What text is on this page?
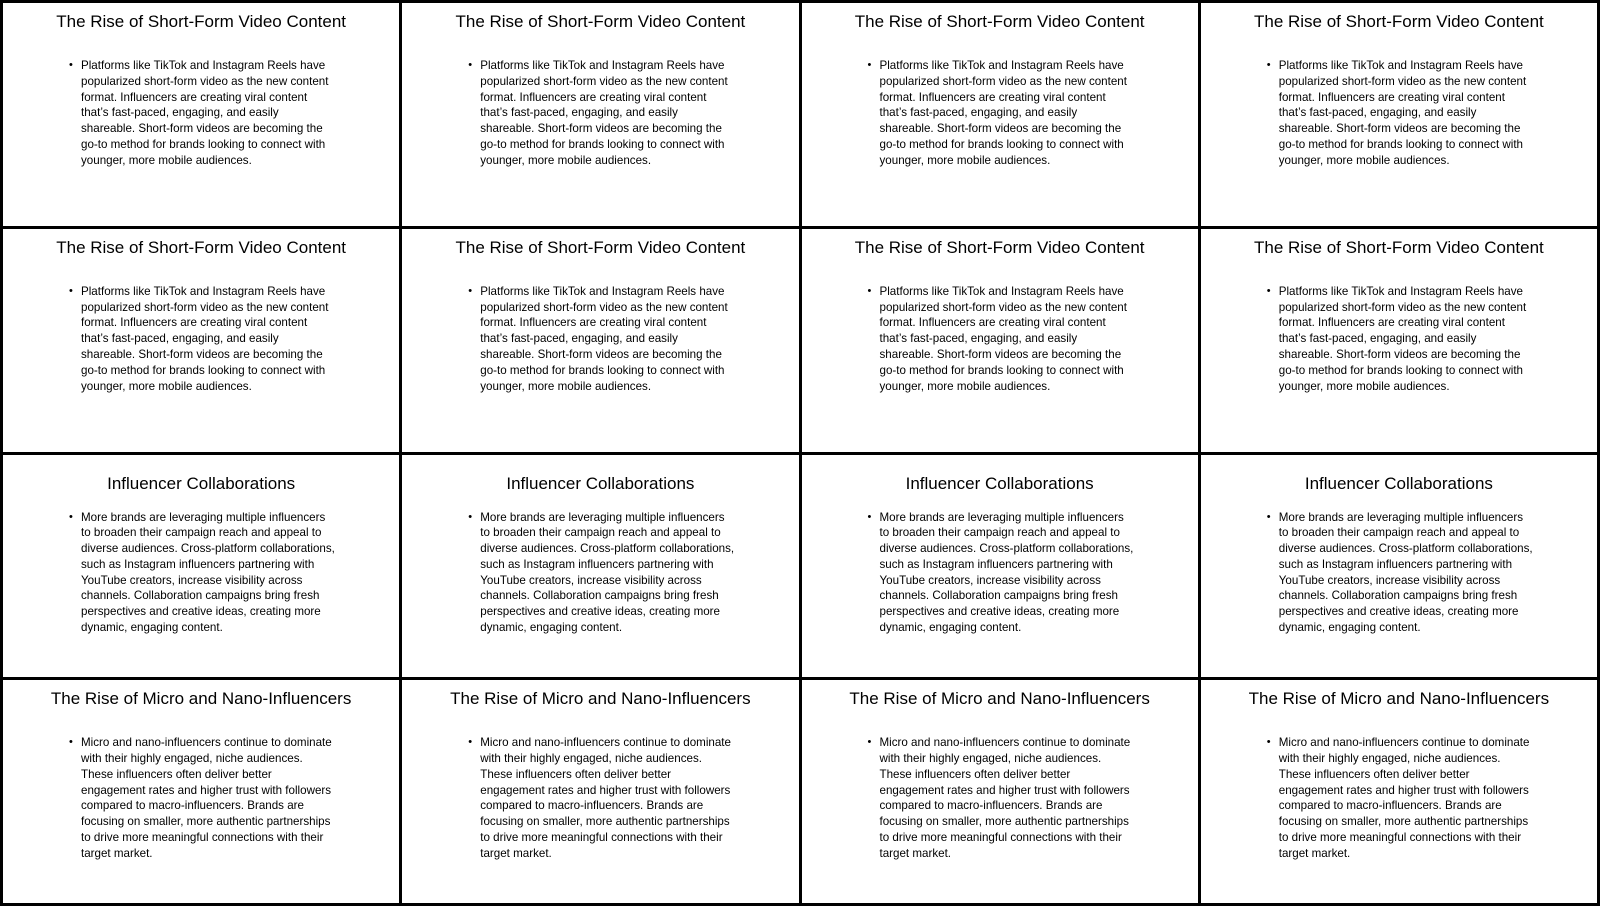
The Rise of Short-Form Video Content
• Platforms like TikTok and Instagram Reels have popularized short-form video as the new content format. Influencers are creating viral content that’s fast-paced, engaging, and easily shareable. Short-form videos are becoming the go-to method for brands looking to connect with younger, more mobile audiences.
The Rise of Short-Form Video Content
• Platforms like TikTok and Instagram Reels have popularized short-form video as the new content format. Influencers are creating viral content that’s fast-paced, engaging, and easily shareable. Short-form videos are becoming the go-to method for brands looking to connect with younger, more mobile audiences.
The Rise of Short-Form Video Content
• Platforms like TikTok and Instagram Reels have popularized short-form video as the new content format. Influencers are creating viral content that’s fast-paced, engaging, and easily shareable. Short-form videos are becoming the go-to method for brands looking to connect with younger, more mobile audiences.
The Rise of Short-Form Video Content
• Platforms like TikTok and Instagram Reels have popularized short-form video as the new content format. Influencers are creating viral content that’s fast-paced, engaging, and easily shareable. Short-form videos are becoming the go-to method for brands looking to connect with younger, more mobile audiences.
The Rise of Short-Form Video Content
• Platforms like TikTok and Instagram Reels have popularized short-form video as the new content format. Influencers are creating viral content that’s fast-paced, engaging, and easily shareable. Short-form videos are becoming the go-to method for brands looking to connect with younger, more mobile audiences.
The Rise of Short-Form Video Content
• Platforms like TikTok and Instagram Reels have popularized short-form video as the new content format. Influencers are creating viral content that’s fast-paced, engaging, and easily shareable. Short-form videos are becoming the go-to method for brands looking to connect with younger, more mobile audiences.
The Rise of Short-Form Video Content
• Platforms like TikTok and Instagram Reels have popularized short-form video as the new content format. Influencers are creating viral content that’s fast-paced, engaging, and easily shareable. Short-form videos are becoming the go-to method for brands looking to connect with younger, more mobile audiences.
The Rise of Short-Form Video Content
• Platforms like TikTok and Instagram Reels have popularized short-form video as the new content format. Influencers are creating viral content that’s fast-paced, engaging, and easily shareable. Short-form videos are becoming the go-to method for brands looking to connect with younger, more mobile audiences.
Influencer Collaborations
• More brands are leveraging multiple influencers to broaden their campaign reach and appeal to diverse audiences. Cross-platform collaborations, such as Instagram influencers partnering with YouTube creators, increase visibility across channels. Collaboration campaigns bring fresh perspectives and creative ideas, creating more dynamic, engaging content.
Influencer Collaborations
• More brands are leveraging multiple influencers to broaden their campaign reach and appeal to diverse audiences. Cross-platform collaborations, such as Instagram influencers partnering with YouTube creators, increase visibility across channels. Collaboration campaigns bring fresh perspectives and creative ideas, creating more dynamic, engaging content.
Influencer Collaborations
• More brands are leveraging multiple influencers to broaden their campaign reach and appeal to diverse audiences. Cross-platform collaborations, such as Instagram influencers partnering with YouTube creators, increase visibility across channels. Collaboration campaigns bring fresh perspectives and creative ideas, creating more dynamic, engaging content.
Influencer Collaborations
• More brands are leveraging multiple influencers to broaden their campaign reach and appeal to diverse audiences. Cross-platform collaborations, such as Instagram influencers partnering with YouTube creators, increase visibility across channels. Collaboration campaigns bring fresh perspectives and creative ideas, creating more dynamic, engaging content.
The Rise of Micro and Nano-Influencers
• Micro and nano-influencers continue to dominate with their highly engaged, niche audiences. These influencers often deliver better engagement rates and higher trust with followers compared to macro-influencers. Brands are focusing on smaller, more authentic partnerships to drive more meaningful connections with their target market.
The Rise of Micro and Nano-Influencers
• Micro and nano-influencers continue to dominate with their highly engaged, niche audiences. These influencers often deliver better engagement rates and higher trust with followers compared to macro-influencers. Brands are focusing on smaller, more authentic partnerships to drive more meaningful connections with their target market.
The Rise of Micro and Nano-Influencers
• Micro and nano-influencers continue to dominate with their highly engaged, niche audiences. These influencers often deliver better engagement rates and higher trust with followers compared to macro-influencers. Brands are focusing on smaller, more authentic partnerships to drive more meaningful connections with their target market.
The Rise of Micro and Nano-Influencers
• Micro and nano-influencers continue to dominate with their highly engaged, niche audiences. These influencers often deliver better engagement rates and higher trust with followers compared to macro-influencers. Brands are focusing on smaller, more authentic partnerships to drive more meaningful connections with their target market.
